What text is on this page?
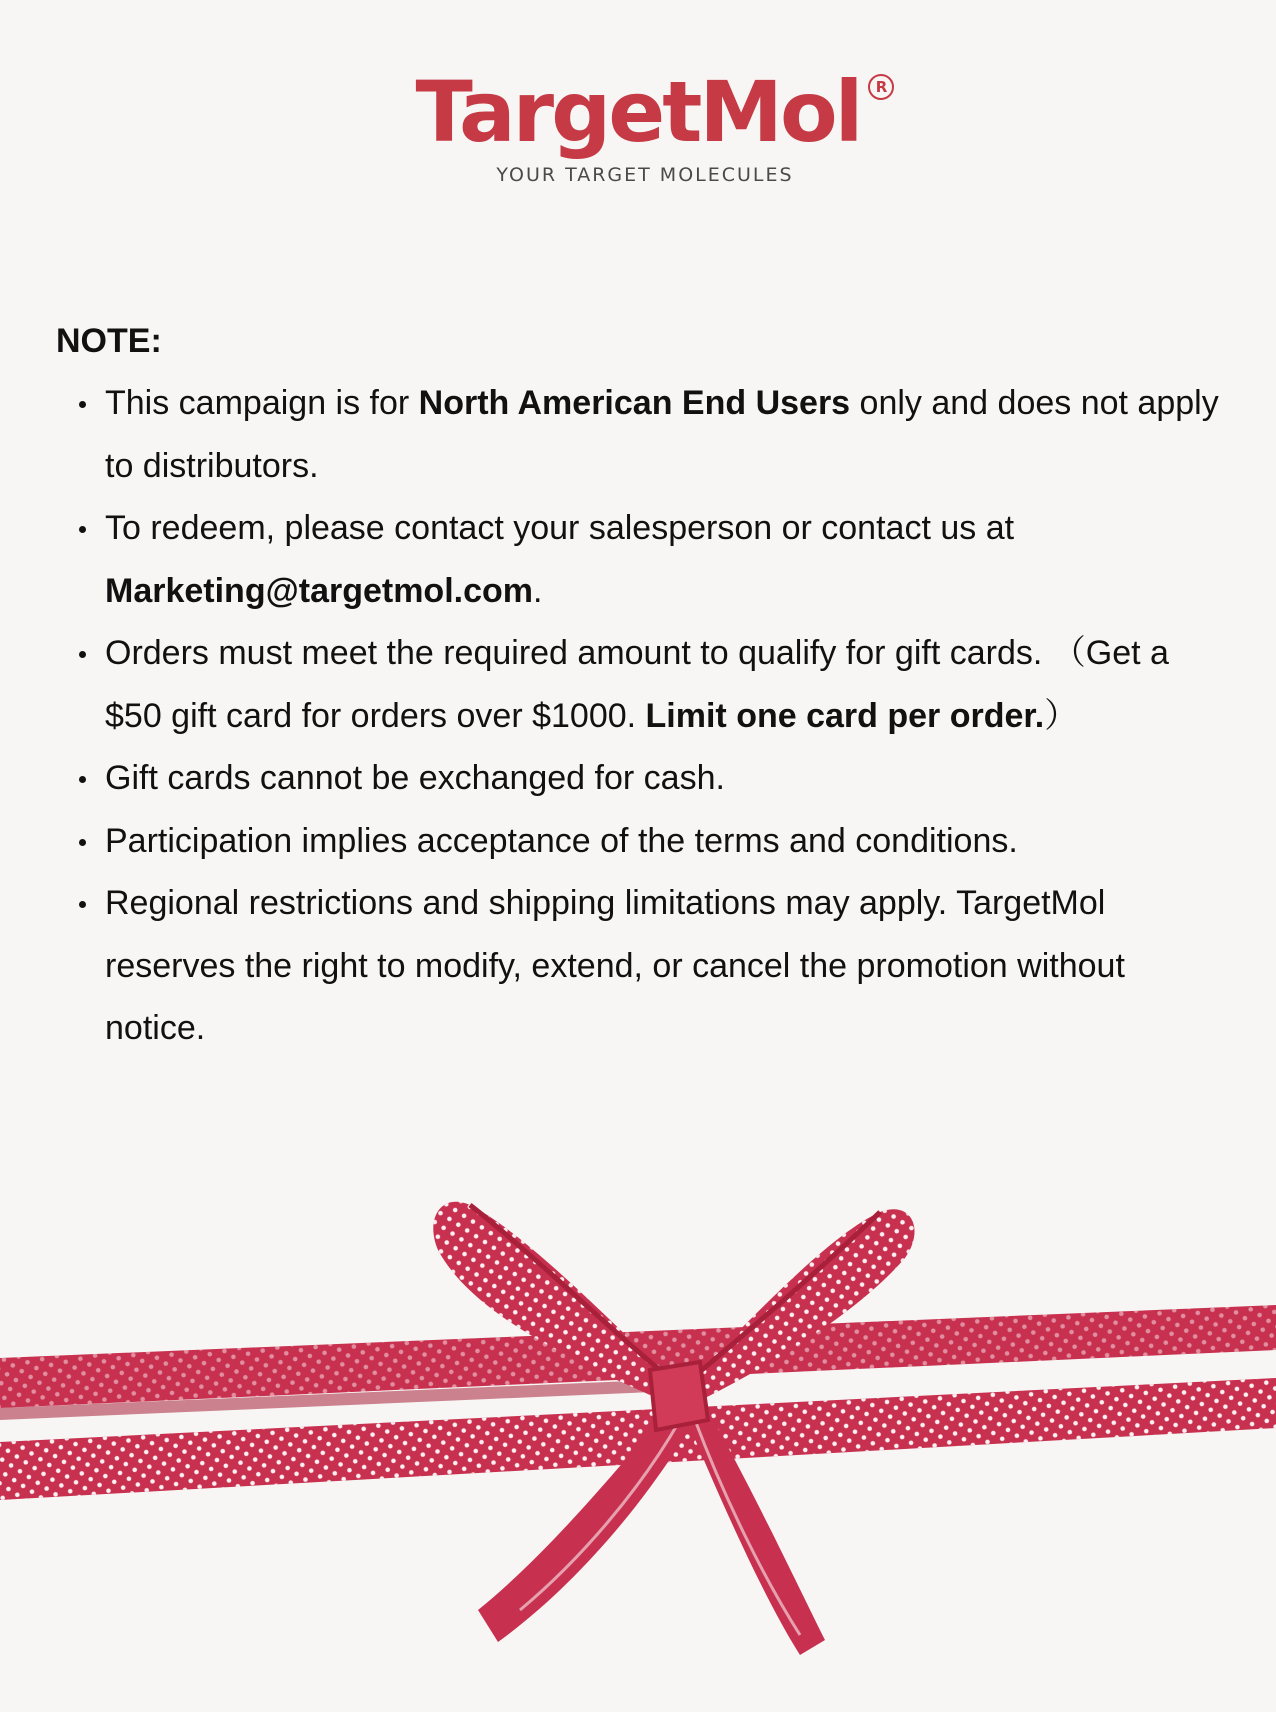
TargetMol	R
YOUR TARGET MOLECULES
NOTE:
This campaign is for North American End Users only and does not apply to distributors.
To redeem, please contact your salesperson or contact us at Marketing@targetmol.com.
Orders must meet the required amount to qualify for gift cards. （Get a $50 gift card for orders over $1000. Limit one card per order.）
Gift cards cannot be exchanged for cash.
Participation implies acceptance of the terms and conditions.
Regional restrictions and shipping limitations may apply. TargetMol reserves the right to modify, extend, or cancel the promotion without notice.
